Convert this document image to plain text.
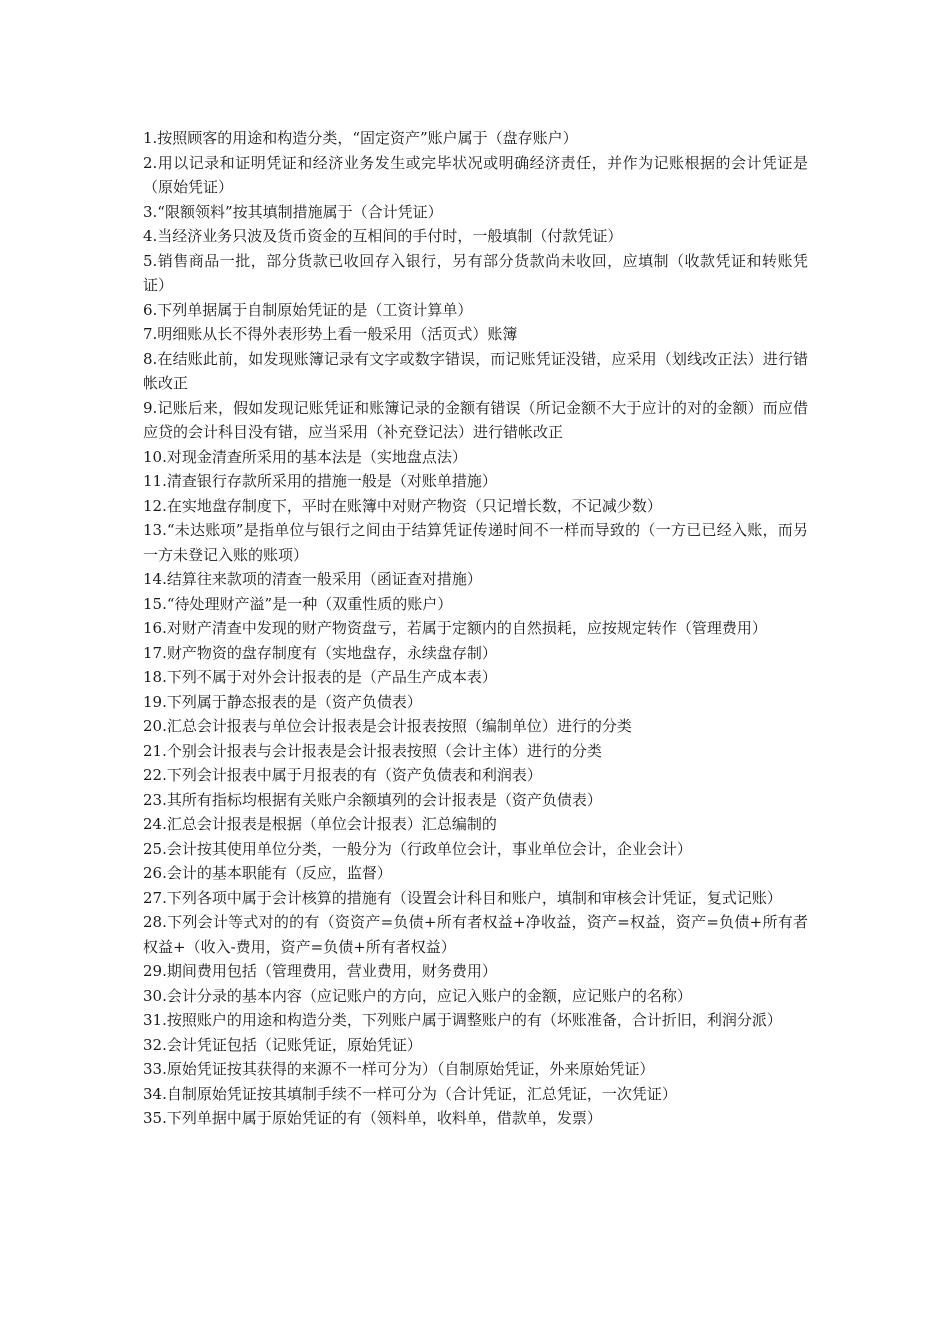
1.按照顾客的用途和构造分类，“固定资产”账户属于（盘存账户）

2.用以记录和证明凭证和经济业务发生或完毕状况或明确经济责任，并作为记账根据的会计凭证是（原始凭证）

3.“限额领料”按其填制措施属于（合计凭证）

4.当经济业务只波及货币资金的互相间的手付时，一般填制（付款凭证）

5.销售商品一批，部分货款已收回存入银行，另有部分货款尚未收回，应填制（收款凭证和转账凭证）

6.下列单据属于自制原始凭证的是（工资计算单）

7.明细账从长不得外表形势上看一般采用（活页式）账簿

8.在结账此前，如发现账簿记录有文字或数字错误，而记账凭证没错，应采用（划线改正法）进行错帐改正

9.记账后来，假如发现记账凭证和账簿记录的金额有错误（所记金额不大于应计的对的金额）而应借应贷的会计科目没有错，应当采用（补充登记法）进行错帐改正

10.对现金清查所采用的基本法是（实地盘点法）

11.清查银行存款所采用的措施一般是（对账单措施）

12.在实地盘存制度下，平时在账簿中对财产物资（只记增长数，不记减少数）

13.“未达账项”是指单位与银行之间由于结算凭证传递时间不一样而导致的（一方已已经入账，而另一方未登记入账的账项）

14.结算往来款项的清查一般采用（函证查对措施）

15.“待处理财产溢”是一种（双重性质的账户）

16.对财产清查中发现的财产物资盘亏，若属于定额内的自然损耗，应按规定转作（管理费用）

17.财产物资的盘存制度有（实地盘存，永续盘存制）

18.下列不属于对外会计报表的是（产品生产成本表）

19.下列属于静态报表的是（资产负债表）

20.汇总会计报表与单位会计报表是会计报表按照（编制单位）进行的分类

21.个别会计报表与会计报表是会计报表按照（会计主体）进行的分类

22.下列会计报表中属于月报表的有（资产负债表和利润表）

23.其所有指标均根据有关账户余额填列的会计报表是（资产负债表）

24.汇总会计报表是根据（单位会计报表）汇总编制的

25.会计按其使用单位分类，一般分为（行政单位会计，事业单位会计，企业会计）

26.会计的基本职能有（反应，监督）

27.下列各项中属于会计核算的措施有（设置会计科目和账户，填制和审核会计凭证，复式记账）

28.下列会计等式对的的有（资资产=负债+所有者权益+净收益，资产=权益，资产=负债+所有者权益+（收入-费用，资产=负债+所有者权益）

29.期间费用包括（管理费用，营业费用，财务费用）

30.会计分录的基本内容（应记账户的方向，应记入账户的金额，应记账户的名称）

31.按照账户的用途和构造分类，下列账户属于调整账户的有（坏账准备，合计折旧，利润分派）

32.会计凭证包括（记账凭证，原始凭证）

33.原始凭证按其获得的来源不一样可分为）（自制原始凭证，外来原始凭证）

34.自制原始凭证按其填制手续不一样可分为（合计凭证，汇总凭证，一次凭证）

35.下列单据中属于原始凭证的有（领料单，收料单，借款单，发票）
